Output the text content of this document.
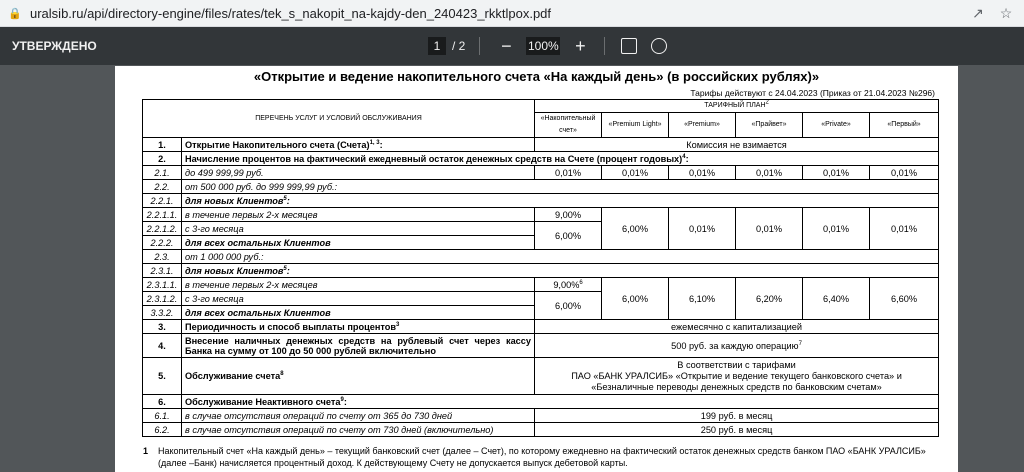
🔒 uralsib.ru/api/directory-engine/files/rates/tek_s_nakopit_na-kajdy-den_240423_rkktlpox.pdf	↗ ☆
УТВЕРЖДЕНО	1 / 2 −	100% +
«Открытие и ведение накопительного счета «На каждый день» (в российских рублях)»
Тарифы действуют с 24.04.2023 (Приказ от 21.04.2023 №296)
ПЕРЕЧЕНЬ УСЛУГ И УСЛОВИЙ ОБСЛУЖИВАНИЯ		ТАРИФНЫЙ ПЛАН$^2$
		«Накопительный счет»	«Premium Light»	«Premium»	«Прайвет»	«Private»	«Первый»
1.	Открытие Накопительного счета (Счета)$^{1, 3}$:	Комиссия не взимается					
2.	Начисление процентов на фактический ежедневный остаток денежных средств на Счете (процент годовых)$^4$:						
2.1.	до 499 999,99 руб.	0,01%	0,01%	0,01%	0,01%	0,01%	0,01%
2.2.	от 500 000 руб. до 999 999,99 руб.:						
2.2.1.	для новых Клиентов$^5$:						
2.2.1.1.	в течение первых 2-х месяцев	9,00%	6,00%	0,01%	0,01%	0,01%	0,01%
2.2.1.2.	с 3-го месяца	6,00%					
2.2.2.	для всех остальных Клиентов						
2.3.	от 1 000 000 руб.:						
2.3.1.	для новых Клиентов$^5$:						
2.3.1.1.	в течение первых 2-х месяцев	9,00%$^6$	6,00%	6,10%	6,20%	6,40%	6,60%
2.3.1.2.	с 3-го месяца	6,00%					
3.3.2.	для всех остальных Клиентов						
3.	Периодичность и способ выплаты процентов$^3$	ежемесячно с капитализацией					
4.	Внесение наличных денежных средств на рублевый счет через кассу Банка на сумму от 100 до 50 000 рублей включительно	500 руб. за каждую операцию$^7$
5.	Обслуживание счета$^8$	В соответствии с тарифами
ПАО «БАНК УРАЛСИБ» «Открытие и ведение текущего банковского счета» и
«Безналичные переводы денежных средств по банковским счетам»					

6.	Обслуживание Неактивного счета$^9$:						
6.1.	в случае отсутствия операций по счету от 365 до 730 дней	199 руб. в месяц					
6.2.	в случае отсутствия операций по счету от 730 дней (включительно)	250 руб. в месяц					
1	Накопительный счет «На каждый день» – текущий банковский счет (далее – Счет), по которому ежедневно на фактический остаток денежных средств банком ПАО «БАНК УРАЛСИБ» (далее –Банк) начисляется процентный доход. К действующему Счету не допускается выпуск дебетовой карты.
